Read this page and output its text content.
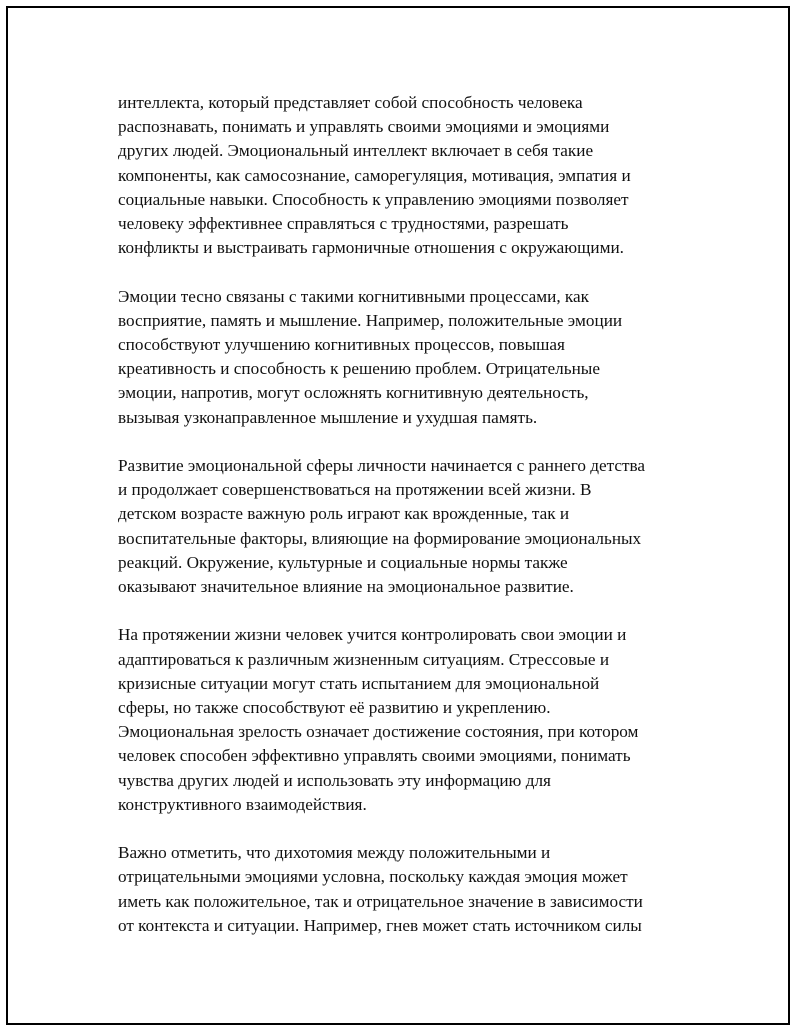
интеллекта, который представляет собой способность человека
распознавать, понимать и управлять своими эмоциями и эмоциями
других людей. Эмоциональный интеллект включает в себя такие
компоненты, как самосознание, саморегуляция, мотивация, эмпатия и
социальные навыки. Способность к управлению эмоциями позволяет
человеку эффективнее справляться с трудностями, разрешать
конфликты и выстраивать гармоничные отношения с окружающими.

Эмоции тесно связаны с такими когнитивными процессами, как
восприятие, память и мышление. Например, положительные эмоции
способствуют улучшению когнитивных процессов, повышая
креативность и способность к решению проблем. Отрицательные
эмоции, напротив, могут осложнять когнитивную деятельность,
вызывая узконаправленное мышление и ухудшая память.

Развитие эмоциональной сферы личности начинается с раннего детства
и продолжает совершенствоваться на протяжении всей жизни. В
детском возрасте важную роль играют как врожденные, так и
воспитательные факторы, влияющие на формирование эмоциональных
реакций. Окружение, культурные и социальные нормы также
оказывают значительное влияние на эмоциональное развитие.

На протяжении жизни человек учится контролировать свои эмоции и
адаптироваться к различным жизненным ситуациям. Стрессовые и
кризисные ситуации могут стать испытанием для эмоциональной
сферы, но также способствуют её развитию и укреплению.
Эмоциональная зрелость означает достижение состояния, при котором
человек способен эффективно управлять своими эмоциями, понимать
чувства других людей и использовать эту информацию для
конструктивного взаимодействия.

Важно отметить, что дихотомия между положительными и
отрицательными эмоциями условна, поскольку каждая эмоция может
иметь как положительное, так и отрицательное значение в зависимости
от контекста и ситуации. Например, гнев может стать источником силы
